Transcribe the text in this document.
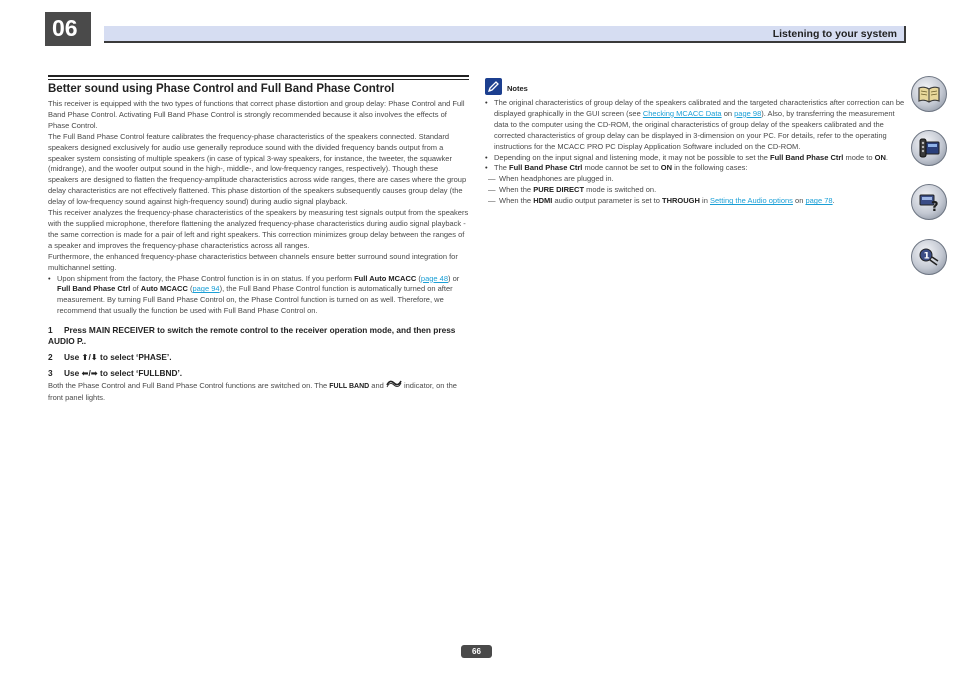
06	Listening to your system
Better sound using Phase Control and Full Band Phase Control

This receiver is equipped with the two types of functions that correct phase distortion and group delay: Phase Control and Full Band Phase Control. Activating Full Band Phase Control is strongly recommended because it also involves the effects of Phase Control.

The Full Band Phase Control feature calibrates the frequency-phase characteristics of the speakers connected. Standard speakers designed exclusively for audio use generally reproduce sound with the divided frequency bands output from a speaker system consisting of multiple speakers (in case of typical 3-way speakers, for instance, the tweeter, the squawker (midrange), and the woofer output sound in the high-, middle-, and low-frequency ranges, respectively). Though these speakers are designed to flatten the frequency-amplitude characteristics across wide ranges, there are cases where the group delay characteristics are not effectively flattened. This phase distortion of the speakers subsequently causes group delay (the delay of low-frequency sound against high-frequency sound) during audio signal playback.

This receiver analyzes the frequency-phase characteristics of the speakers by measuring test signals output from the speakers with the supplied microphone, therefore flattening the analyzed frequency-phase characteristics during audio signal playback - the same correction is made for a pair of left and right speakers. This correction minimizes group delay between the ranges of a speaker and improves the frequency-phase characteristics across all ranges.

Furthermore, the enhanced frequency-phase characteristics between channels ensure better surround sound integration for multichannel setting.

• Upon shipment from the factory, the Phase Control function is in on status. If you perform Full Auto MCACC (page 48) or Full Band Phase Ctrl of Auto MCACC (page 94), the Full Band Phase Control function is automatically turned on after measurement. By turning Full Band Phase Control on, the Phase Control function is turned on as well. Therefore, we recommend that usually the function be used with Full Band Phase Control on.

1 Press MAIN RECEIVER to switch the remote control to the receiver operation mode, and then press AUDIO P..

2 Use ⬆/⬇ to select ‘PHASE’.

3 Use ⬅/➡ to select ‘FULLBND’.

Both the Phase Control and Full Band Phase Control functions are switched on. The FULL BAND and  indicator, on the front panel lights.

Notes

• The original characteristics of group delay of the speakers calibrated and the targeted characteristics after correction can be displayed graphically in the GUI screen (see Checking MCACC Data on page 98). Also, by transferring the measurement data to the computer using the CD-ROM, the original characteristics of group delay of the speakers calibrated and the corrected characteristics of group delay can be displayed in 3-dimension on your PC. For details, refer to the operating instructions for the MCACC PRO PC Display Application Software included on the CD-ROM.

• Depending on the input signal and listening mode, it may not be possible to set the Full Band Phase Ctrl mode to ON.

• The Full Band Phase Ctrl mode cannot be set to ON in the following cases:

— When headphones are plugged in.

— When the PURE DIRECT mode is switched on.

— When the HDMI audio output parameter is set to THROUGH in Setting the Audio options on page 78.	?
1
66
